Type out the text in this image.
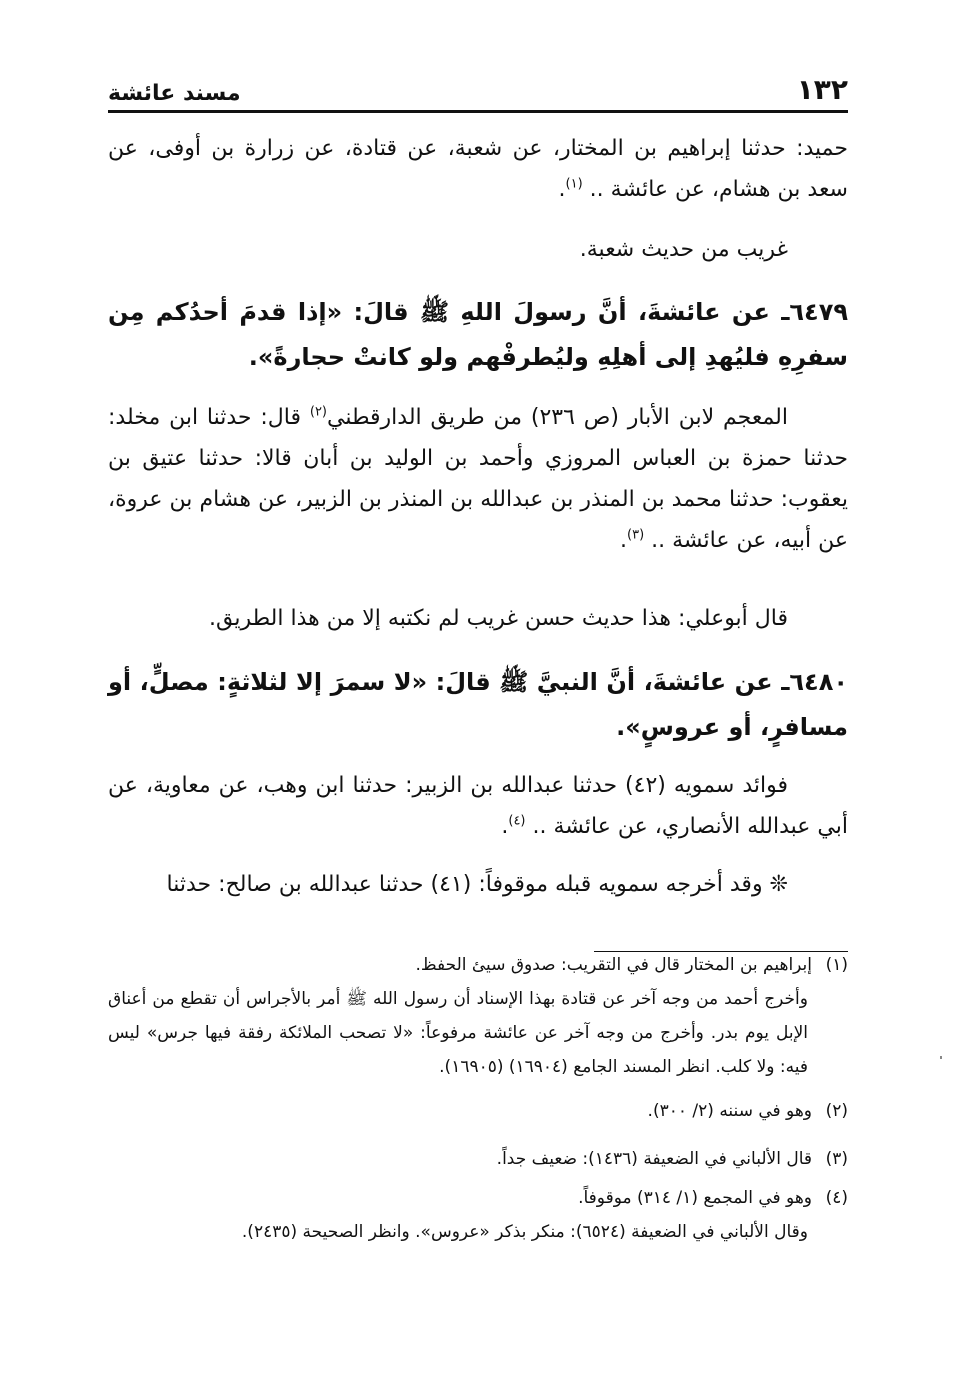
١٣٢
مسند عائشة

حميد: حدثنا إبراهيم بن المختار، عن شعبة، عن قتادة، عن زرارة بن أوفى، عن سعد بن هشام، عن عائشة .. $^{(١)}$.

غريب من حديث شعبة.

٦٤٧٩ـ عن عائشةَ، أنَّ رسولَ اللهِ ﷺ قالَ: «إذا قدمَ أحدُكم مِن سفرِهِ فليُهدِ إلى أهلِهِ وليُطرفْهم ولو كانتْ حجارةً».

المعجم لابن الأبار (ص ٢٣٦) من طريق الدارقطني$^{(٢)}$ قال: حدثنا ابن مخلد: حدثنا حمزة بن العباس المروزي وأحمد بن الوليد بن أبان قالا: حدثنا عتيق بن يعقوب: حدثنا محمد بن المنذر بن عبدالله بن المنذر بن الزبير، عن هشام بن عروة، عن أبيه، عن عائشة .. $^{(٣)}$.

قال أبوعلي: هذا حديث حسن غريب لم نكتبه إلا من هذا الطريق.

٦٤٨٠ـ عن عائشةَ، أنَّ النبيَّ ﷺ قالَ: «لا سمرَ إلا لثلاثةٍ: مصلٍّ، أو مسافرٍ، أو عروسٍ».

فوائد سمويه (٤٢) حدثنا عبدالله بن الزبير: حدثنا ابن وهب، عن معاوية، عن أبي عبدالله الأنصاري، عن عائشة .. $^{(٤)}$.

❊ وقد أخرجه سمويه قبله موقوفاً: (٤١) حدثنا عبدالله بن صالح: حدثنا

(١)إبراهيم بن المختار قال في التقريب: صدوق سيئ الحفظ.
وأخرج أحمد من وجه آخر عن قتادة بهذا الإسناد أن رسول الله ﷺ أمر بالأجراس أن تقطع من أعناق الإبل يوم بدر. وأخرج من وجه آخر عن عائشة مرفوعاً: «لا تصحب الملائكة رفقة فيها جرس» ليس فيه: ولا كلب. انظر المسند الجامع (١٦٩٠٤) (١٦٩٠٥).
(٢)وهو في سننه (٢/ ٣٠٠).
(٣)قال الألباني في الضعيفة (١٤٣٦): ضعيف جداً.
(٤)وهو في المجمع (١/ ٣١٤) موقوفاً.
وقال الألباني في الضعيفة (٦٥٢٤): منكر بذكر «عروس». وانظر الصحيحة (٢٤٣٥).
